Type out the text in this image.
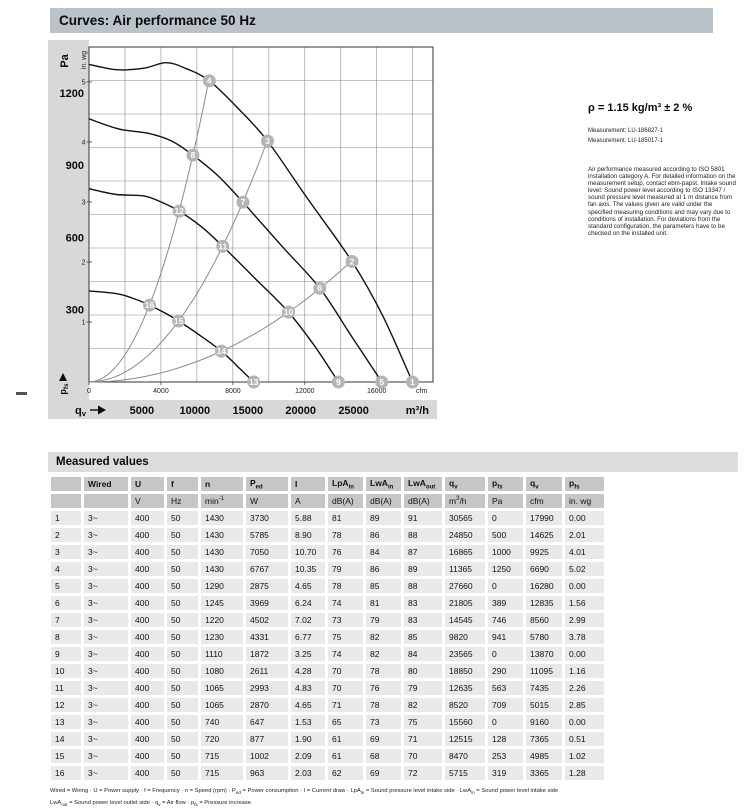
Curves: Air performance 50 Hz
300
600
900
1200
1
2
3
4
5
0	4000	8000	12000	16000	cfm
5000 10000 15000 20000 25000	m³/h
Pa in. wg
$p_{fs}$
qv
1
2
3
4
5
6
7
8
9
10
11
12
13
14
15
16
ρ = 1.15 kg/m³ ± 2 %
Measurement: LU-186827-1
Measurement: LU-185017-1
Air performance measured according to ISO 5801 installation category A. For detailed information on the measurement setup, contact ebm-papst. Intake sound level: Sound power level according to ISO 13347 / sound pressure level measured at 1 m distance from fan axis. The values given are valid under the specified measuring conditions and may vary due to conditions of installation. For deviations from the standard configuration, the parameters have to be checked on the installed unit.
Measured values
	Wired	U	f	n	$P_{ed}$	I	LpA$_{in}$	LwA$_{in}$	LwA$_{out}$	$q_v$	$p_{fs}$	$q_v$	$p_{fs}$
		V	Hz	$\min^{-1}$	W	A	dB(A)	dB(A)	dB(A)	$m^3/h$	Pa	cfm	in. wg
1	3~	400	50	1430	3730	5.88	81	89	91	30565	0	17990	0.00
2	3~	400	50	1430	5785	8.90	78	86	88	24850	500	14625	2.01
3	3~	400	50	1430	7050	10.70	76	84	87	16865	1000	9925	4.01
4	3~	400	50	1430	6767	10.35	79	86	89	11365	1250	6690	5.02
5	3~	400	50	1290	2875	4.65	78	85	88	27660	0	16280	0.00
6	3~	400	50	1245	3969	6.24	74	81	83	21805	389	12835	1.56
7	3~	400	50	1220	4502	7.02	73	79	83	14545	746	8560	2.99
8	3~	400	50	1230	4331	6.77	75	82	85	9820	941	5780	3.78
9	3~	400	50	1110	1872	3.25	74	82	84	23565	0	13870	0.00
10	3~	400	50	1080	2611	4.28	70	78	80	18850	290	11095	1.16
11	3~	400	50	1065	2993	4.83	70	76	79	12635	563	7435	2.26
12	3~	400	50	1065	2870	4.65	71	78	82	8520	709	5015	2.85
13	3~	400	50	740	647	1.53	65	73	75	15560	0	9160	0.00
14	3~	400	50	720	877	1.90	61	69	71	12515	128	7365	0.51
15	3~	400	50	715	1002	2.09	61	68	70	8470	253	4985	1.02
16	3~	400	50	715	963	2.03	62	69	72	5715	319	3365	1.28
Wired = Wiring · U = Power supply · f = Frequency · n = Speed $(rpm) \cdot P_{ed}$ = Power consumption · I = Current draw · LpA$_{in}$ = Sound pressure level intake side · LwA$_{in}$ = Sound power level intake side
LwA$_{out}$ = Sound power level outlet side · $q_v$ = Air flow · $p_{fs}$ = Pressure increase
